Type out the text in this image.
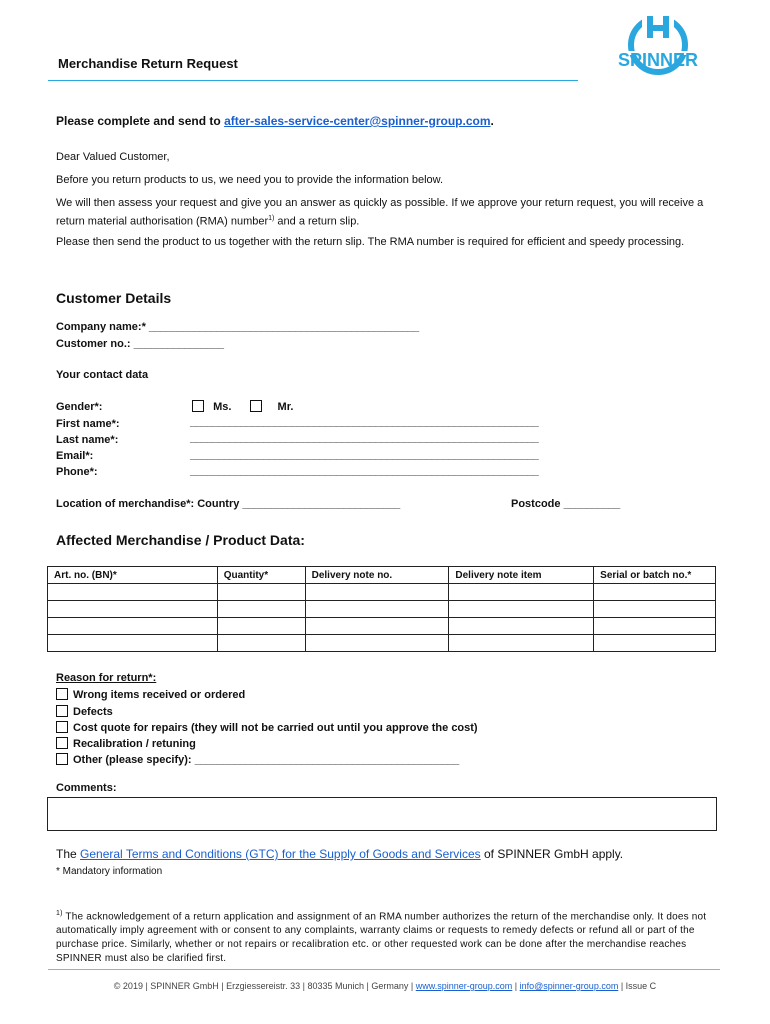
Merchandise Return Request	SPINNER
Please complete and send to after-sales-service-center@spinner-group.com.
Dear Valued Customer,
Before you return products to us, we need you to provide the information below.
We will then assess your request and give you an answer as quickly as possible. If we approve your return request, you will receive a return material authorisation (RMA) number$^{1)}$ and a return slip.
Please then send the product to us together with the return slip. The RMA number is required for efficient and speedy processing.
Customer Details
Company name:* ________________________________________________
Customer no.: ________________
Your contact data
Gender*:	Ms.	Mr.
First name*:	______________________________________________________________
Last name*:	______________________________________________________________
Email*:	______________________________________________________________
Phone*:	______________________________________________________________
Location of merchandise*: Country ____________________________	Postcode __________
Affected Merchandise / Product Data:
Art. no. (BN)*	Quantity*	Delivery note no.	Delivery note item	Serial or batch no.*

Reason for return*:
Wrong items received or ordered
Defects
Cost quote for repairs (they will not be carried out until you approve the cost)
Recalibration / retuning
Other (please specify): _______________________________________________
Comments:
The General Terms and Conditions (GTC) for the Supply of Goods and Services of SPINNER GmbH apply.
* Mandatory information
$^{1)}$ The acknowledgement of a return application and assignment of an RMA number authorizes the return of the merchandise only. It does not automatically imply agreement with or consent to any complaints, warranty claims or requests to remedy defects or refund all or part of the purchase price. Similarly, whether or not repairs or recalibration etc. or other requested work can be done after the merchandise reaches SPINNER must also be clarified first.
© 2019 | SPINNER GmbH | Erzgiessereistr. 33 | 80335 Munich | Germany | www.spinner-group.com | info@spinner-group.com | Issue C
